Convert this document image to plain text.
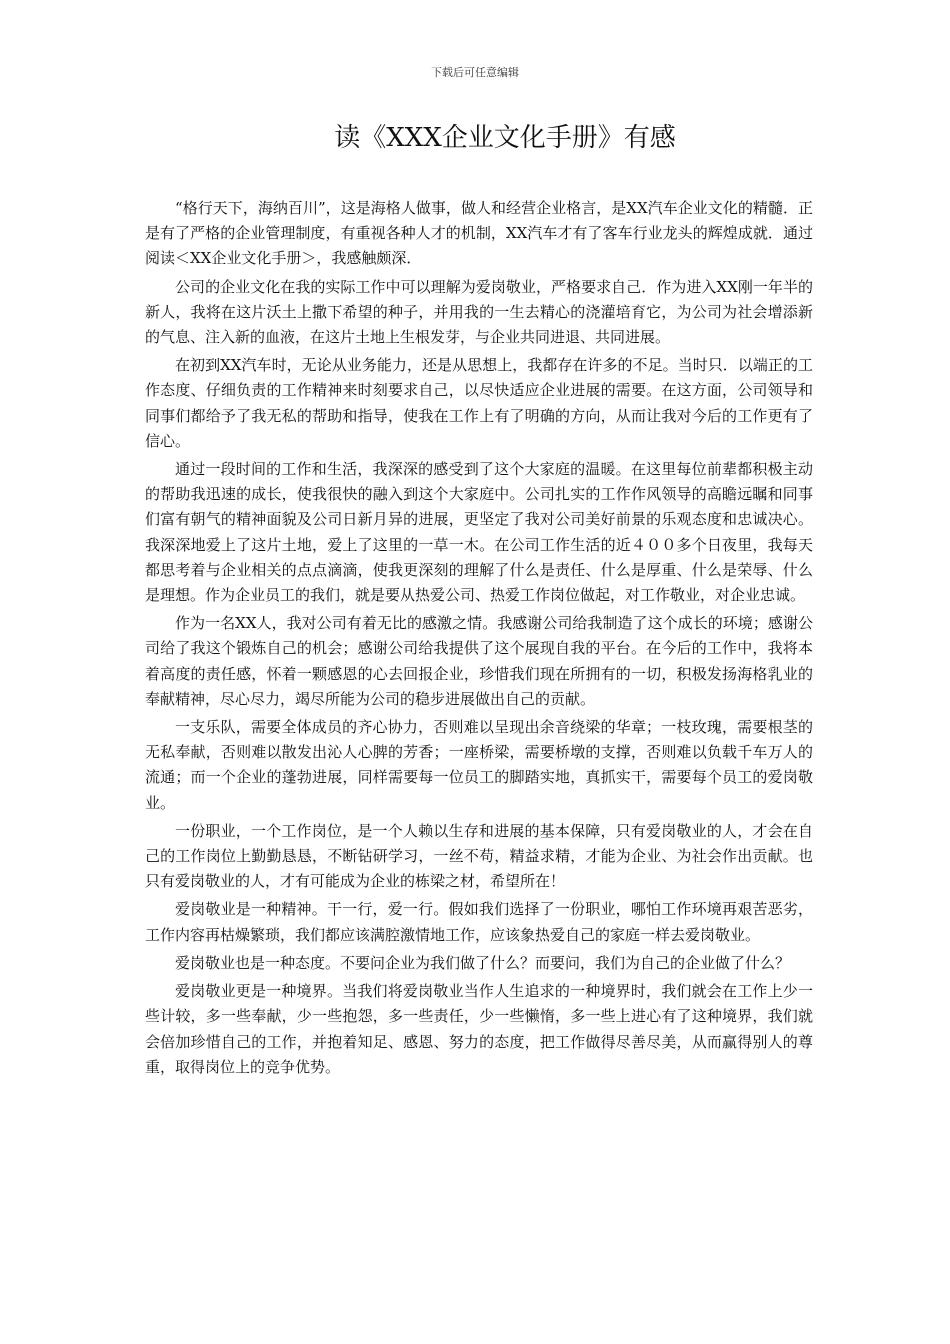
下载后可任意编辑
读《XXX企业文化手册》有感

“格行天下，海纳百川”，这是海格人做事，做人和经营企业格言，是XX汽车企业文化的精髓．正是有了严格的企业管理制度，有重视各种人才的机制，XX汽车才有了客车行业龙头的辉煌成就．通过阅读＜XX企业文化手册＞，我感触颇深．

公司的企业文化在我的实际工作中可以理解为爱岗敬业，严格要求自己．作为进入XX刚一年半的新人，我将在这片沃土上撒下希望的种子，并用我的一生去精心的浇灌培育它，为公司为社会增添新的气息、注入新的血液，在这片土地上生根发芽，与企业共同进退、共同进展。

在初到XX汽车时，无论从业务能力，还是从思想上，我都存在许多的不足。当时只．以端正的工作态度、仔细负责的工作精神来时刻要求自己，以尽快适应企业进展的需要。在这方面，公司领导和同事们都给予了我无私的帮助和指导，使我在工作上有了明确的方向，从而让我对今后的工作更有了信心。

通过一段时间的工作和生活，我深深的感受到了这个大家庭的温暖。在这里每位前辈都积极主动的帮助我迅速的成长，使我很快的融入到这个大家庭中。公司扎实的工作作风领导的高瞻远瞩和同事们富有朝气的精神面貌及公司日新月异的进展，更坚定了我对公司美好前景的乐观态度和忠诚决心。我深深地爱上了这片土地，爱上了这里的一草一木。在公司工作生活的近４００多个日夜里，我每天都思考着与企业相关的点点滴滴，使我更深刻的理解了什么是责任、什么是厚重、什么是荣辱、什么是理想。作为企业员工的我们，就是要从热爱公司、热爱工作岗位做起，对工作敬业，对企业忠诚。

作为一名XX人，我对公司有着无比的感激之情。我感谢公司给我制造了这个成长的环境；感谢公司给了我这个锻炼自己的机会；感谢公司给我提供了这个展现自我的平台。在今后的工作中，我将本着高度的责任感，怀着一颗感恩的心去回报企业，珍惜我们现在所拥有的一切，积极发扬海格乳业的奉献精神，尽心尽力，竭尽所能为公司的稳步进展做出自己的贡献。

一支乐队，需要全体成员的齐心协力，否则难以呈现出余音绕梁的华章；一枝玫瑰，需要根茎的无私奉献，否则难以散发出沁人心脾的芳香；一座桥梁，需要桥墩的支撑，否则难以负载千车万人的流通；而一个企业的蓬勃进展，同样需要每一位员工的脚踏实地，真抓实干，需要每个员工的爱岗敬业。

一份职业，一个工作岗位，是一个人赖以生存和进展的基本保障，只有爱岗敬业的人，才会在自己的工作岗位上勤勤恳恳，不断钻研学习，一丝不苟，精益求精，才能为企业、为社会作出贡献。也只有爱岗敬业的人，才有可能成为企业的栋梁之材，希望所在！

爱岗敬业是一种精神。干一行，爱一行。假如我们选择了一份职业，哪怕工作环境再艰苦恶劣，工作内容再枯燥繁琐，我们都应该满腔激情地工作，应该象热爱自己的家庭一样去爱岗敬业。

爱岗敬业也是一种态度。不要问企业为我们做了什么？而要问，我们为自己的企业做了什么？

爱岗敬业更是一种境界。当我们将爱岗敬业当作人生追求的一种境界时，我们就会在工作上少一些计较，多一些奉献，少一些抱怨，多一些责任，少一些懒惰，多一些上进心有了这种境界，我们就会倍加珍惜自己的工作，并抱着知足、感恩、努力的态度，把工作做得尽善尽美，从而赢得别人的尊重，取得岗位上的竞争优势。
